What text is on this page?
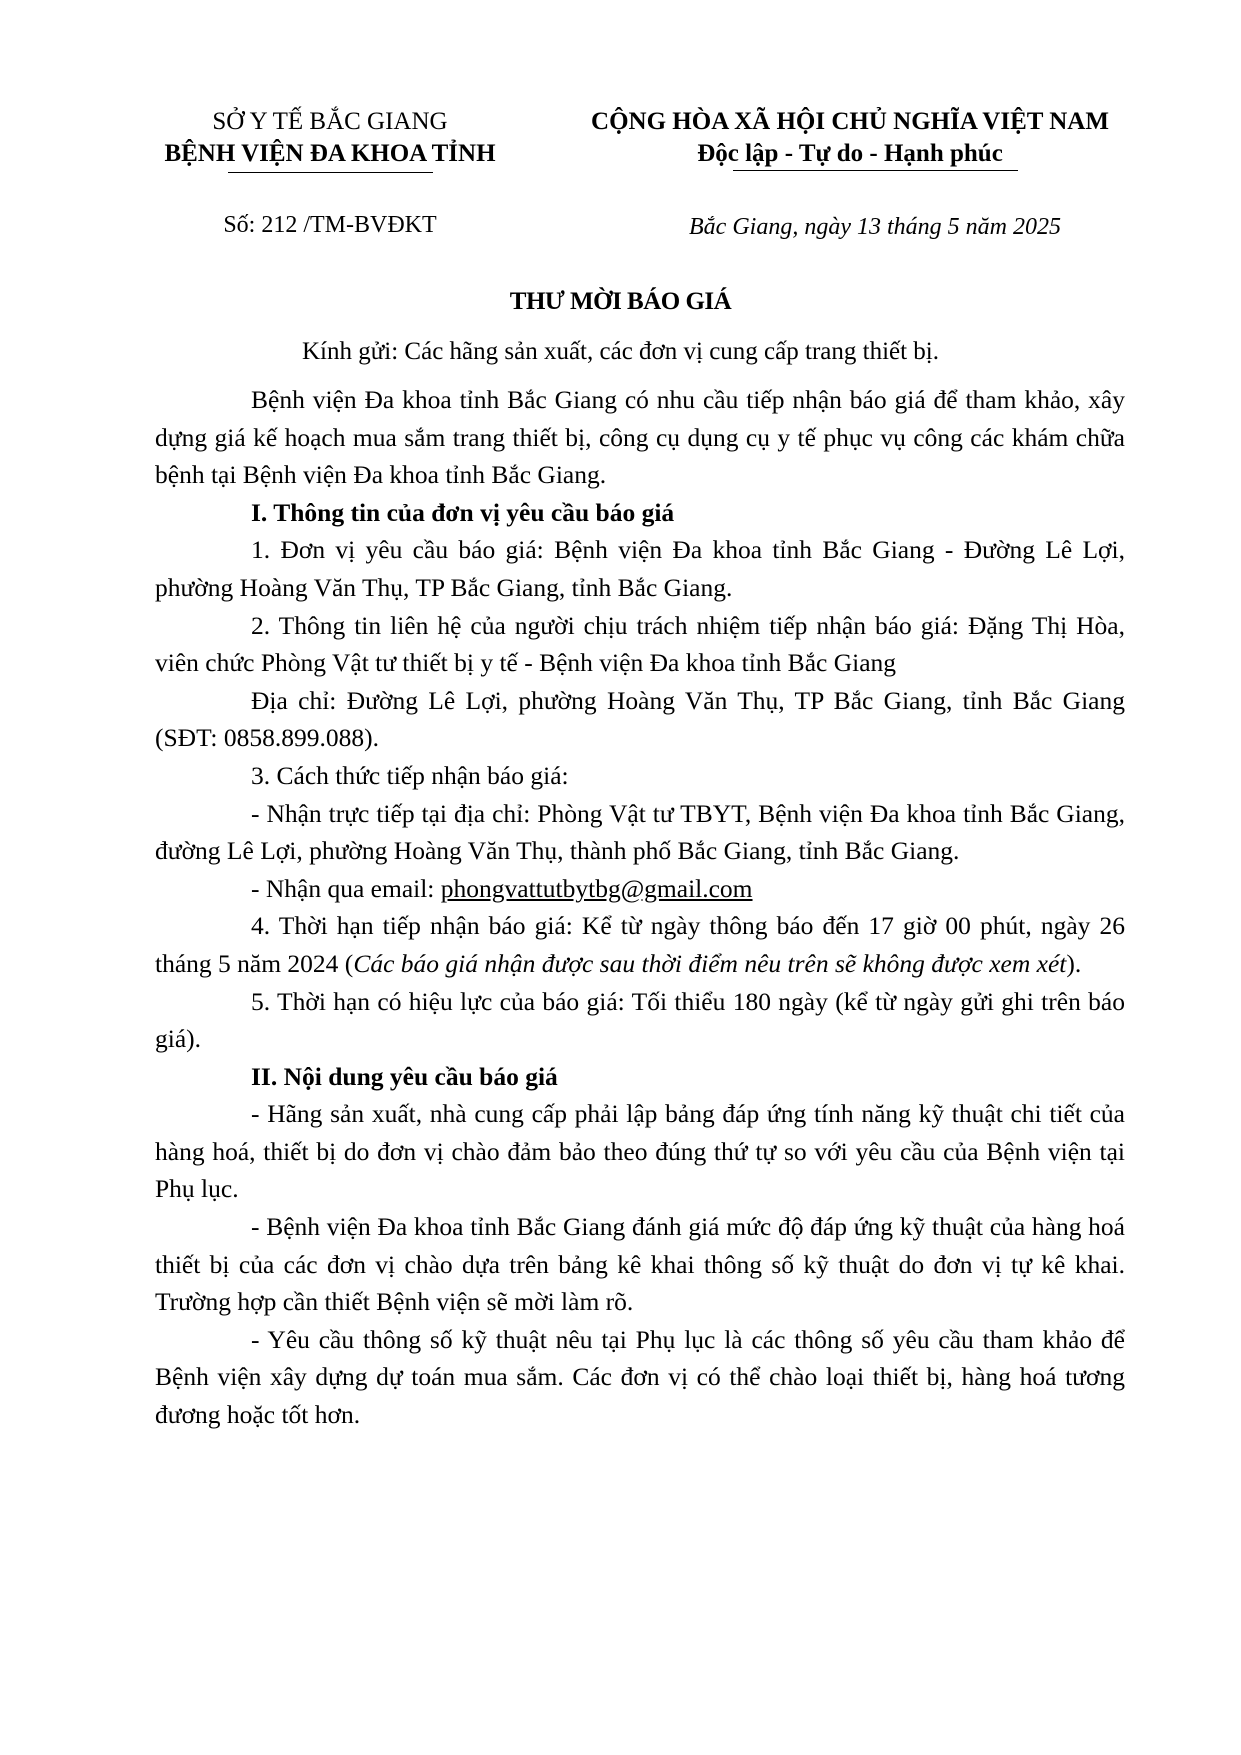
SỞ Y TẾ BẮC GIANG
BỆNH VIỆN ĐA KHOA TỈNH
CỘNG HÒA XÃ HỘI CHỦ NGHĨA VIỆT NAM
Độc lập - Tự do - Hạnh phúc
Số: 212 /TM-BVĐKT	Bắc Giang, ngày 13 tháng 5 năm 2025
THƯ MỜI BÁO GIÁ
Kính gửi: Các hãng sản xuất, các đơn vị cung cấp trang thiết bị.

Bệnh viện Đa khoa tỉnh Bắc Giang có nhu cầu tiếp nhận báo giá để tham khảo, xây dựng giá kế hoạch mua sắm trang thiết bị, công cụ dụng cụ y tế phục vụ công các khám chữa bệnh tại Bệnh viện Đa khoa tỉnh Bắc Giang.

I. Thông tin của đơn vị yêu cầu báo giá

1. Đơn vị yêu cầu báo giá: Bệnh viện Đa khoa tỉnh Bắc Giang - Đường Lê Lợi, phường Hoàng Văn Thụ, TP Bắc Giang, tỉnh Bắc Giang.

2. Thông tin liên hệ của người chịu trách nhiệm tiếp nhận báo giá: Đặng Thị Hòa, viên chức Phòng Vật tư thiết bị y tế - Bệnh viện Đa khoa tỉnh Bắc Giang

Địa chỉ: Đường Lê Lợi, phường Hoàng Văn Thụ, TP Bắc Giang, tỉnh Bắc Giang (SĐT: 0858.899.088).

3. Cách thức tiếp nhận báo giá:

- Nhận trực tiếp tại địa chỉ: Phòng Vật tư TBYT, Bệnh viện Đa khoa tỉnh Bắc Giang, đường Lê Lợi, phường Hoàng Văn Thụ, thành phố Bắc Giang, tỉnh Bắc Giang.

- Nhận qua email: phongvattutbytbg@gmail.com

4. Thời hạn tiếp nhận báo giá: Kể từ ngày thông báo đến 17 giờ 00 phút, ngày 26 tháng 5 năm 2024 (Các báo giá nhận được sau thời điểm nêu trên sẽ không được xem xét).

5. Thời hạn có hiệu lực của báo giá: Tối thiểu 180 ngày (kể từ ngày gửi ghi trên báo giá).

II. Nội dung yêu cầu báo giá

- Hãng sản xuất, nhà cung cấp phải lập bảng đáp ứng tính năng kỹ thuật chi tiết của hàng hoá, thiết bị do đơn vị chào đảm bảo theo đúng thứ tự so với yêu cầu của Bệnh viện tại Phụ lục.

- Bệnh viện Đa khoa tỉnh Bắc Giang đánh giá mức độ đáp ứng kỹ thuật của hàng hoá thiết bị của các đơn vị chào dựa trên bảng kê khai thông số kỹ thuật do đơn vị tự kê khai. Trường hợp cần thiết Bệnh viện sẽ mời làm rõ.

- Yêu cầu thông số kỹ thuật nêu tại Phụ lục là các thông số yêu cầu tham khảo để Bệnh viện xây dựng dự toán mua sắm. Các đơn vị có thể chào loại thiết bị, hàng hoá tương đương hoặc tốt hơn.
